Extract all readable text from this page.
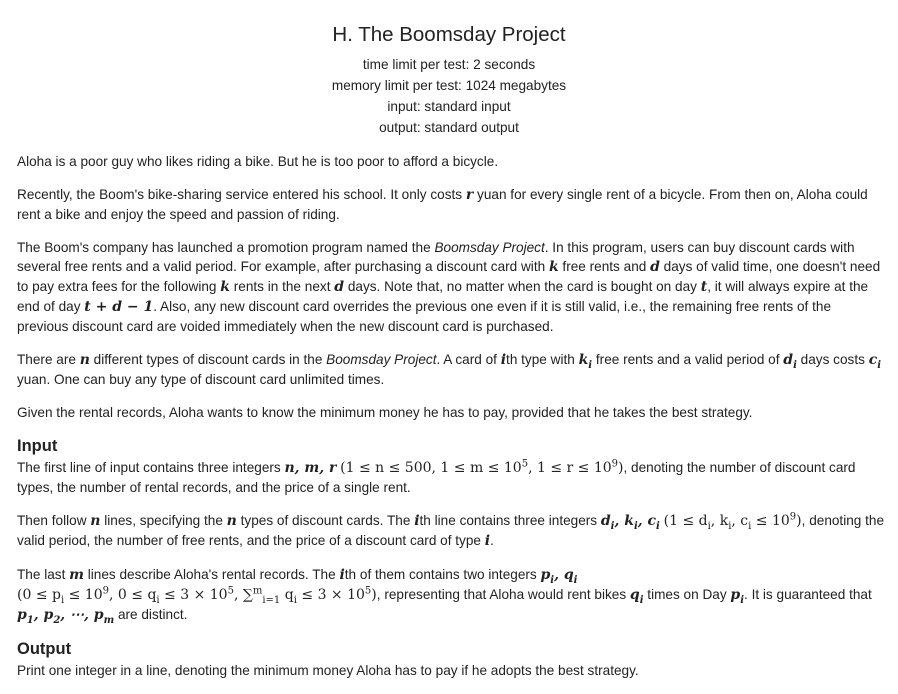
H. The Boomsday Project
time limit per test: 2 seconds
memory limit per test: 1024 megabytes
input: standard input
output: standard output

Aloha is a poor guy who likes riding a bike. But he is too poor to afford a bicycle.

Recently, the Boom's bike-sharing service entered his school. It only costs r yuan for every single rent of a bicycle. From then on, Aloha could rent a bike and enjoy the speed and passion of riding.

The Boom's company has launched a promotion program named the Boomsday Project. In this program, users can buy discount cards with several free rents and a valid period. For example, after purchasing a discount card with k free rents and d days of valid time, one doesn't need to pay extra fees for the following k rents in the next d days. Note that, no matter when the card is bought on day t, it will always expire at the end of day t + d − 1. Also, any new discount card overrides the previous one even if it is still valid, i.e., the remaining free rents of the previous discount card are voided immediately when the new discount card is purchased.

There are n different types of discount cards in the Boomsday Project. A card of ith type with $k_i$ free rents and a valid period of $d_i$ days costs $c_i$ yuan. One can buy any type of discount card unlimited times.

Given the rental records, Aloha wants to know the minimum money he has to pay, provided that he takes the best strategy.

Input

The first line of input contains three integers n, m, r (1 ≤ n ≤ 500, $1 \le m \le 10^5$, $1 \le r \le 10^9$), denoting the number of discount card types, the number of rental records, and the price of a single rent.

Then follow n lines, specifying the n types of discount cards. The ith line contains three integers $d_i$, $k_i$, $c_i$ ($1 \le d_i$, $k_i$, $c_i \le 10^9$), denoting the valid period, the number of free rents, and the price of a discount card of type i.

The last m lines describe Aloha's rental records. The ith of them contains two integers $p_i$, $q_i$
($0 \le p_i \le 10^9$, $0 \le q_i \le 3 \times 10^5$, ∑$^m_{i=1}$ $q_i \le 3 \times 10^5$), representing that Aloha would rent bikes $q_i$ times on Day $p_i$. It is guaranteed that $p_1$, $p_2$, ⋯, $p_m$ are distinct.

Output

Print one integer in a line, denoting the minimum money Aloha has to pay if he adopts the best strategy.
